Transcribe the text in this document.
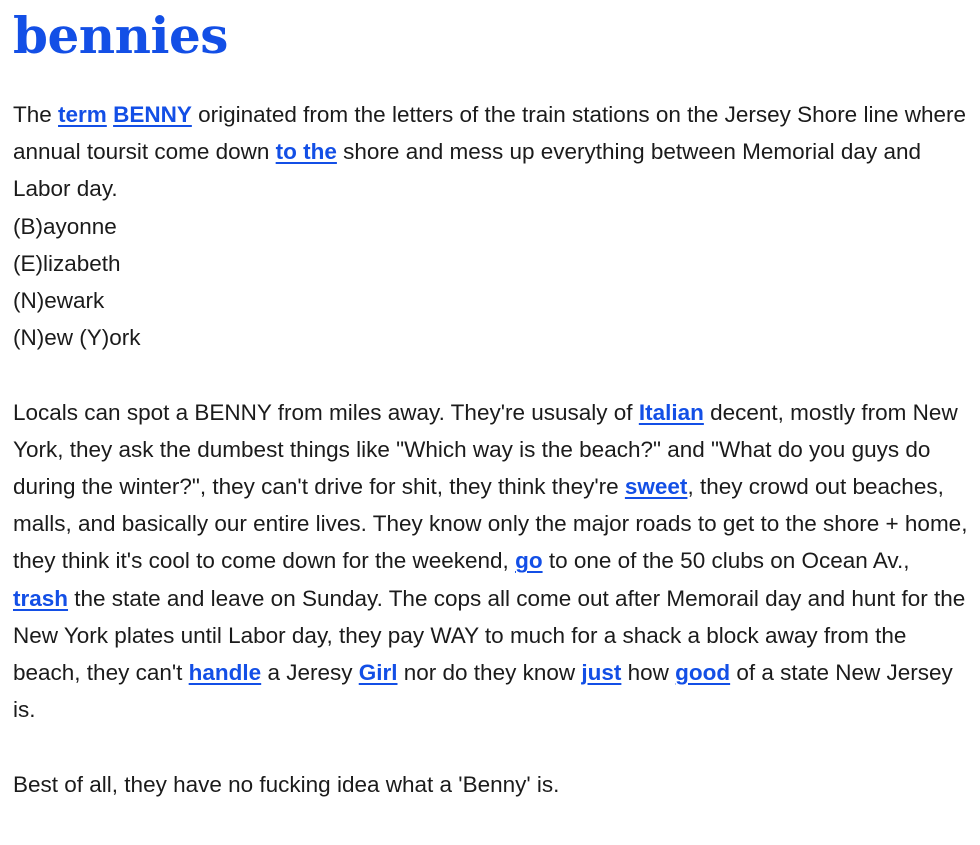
bennies
The term BENNY originated from the letters of the train stations on the Jersey Shore line where annual toursit come down to the shore and mess up everything between Memorial day and Labor day.
(B)ayonne
(E)lizabeth
(N)ewark
(N)ew (Y)ork

Locals can spot a BENNY from miles away. They're ususaly of Italian decent, mostly from New York, they ask the dumbest things like "Which way is the beach?" and "What do you guys do during the winter?", they can't drive for shit, they think they're sweet, they crowd out beaches, malls, and basically our entire lives. They know only the major roads to get to the shore + home, they think it's cool to come down for the weekend, go to one of the 50 clubs on Ocean Av., trash the state and leave on Sunday. The cops all come out after Memorail day and hunt for the New York plates until Labor day, they pay WAY to much for a shack a block away from the beach, they can't handle a Jeresy Girl nor do they know just how good of a state New Jersey is.

Best of all, they have no fucking idea what a 'Benny' is.
